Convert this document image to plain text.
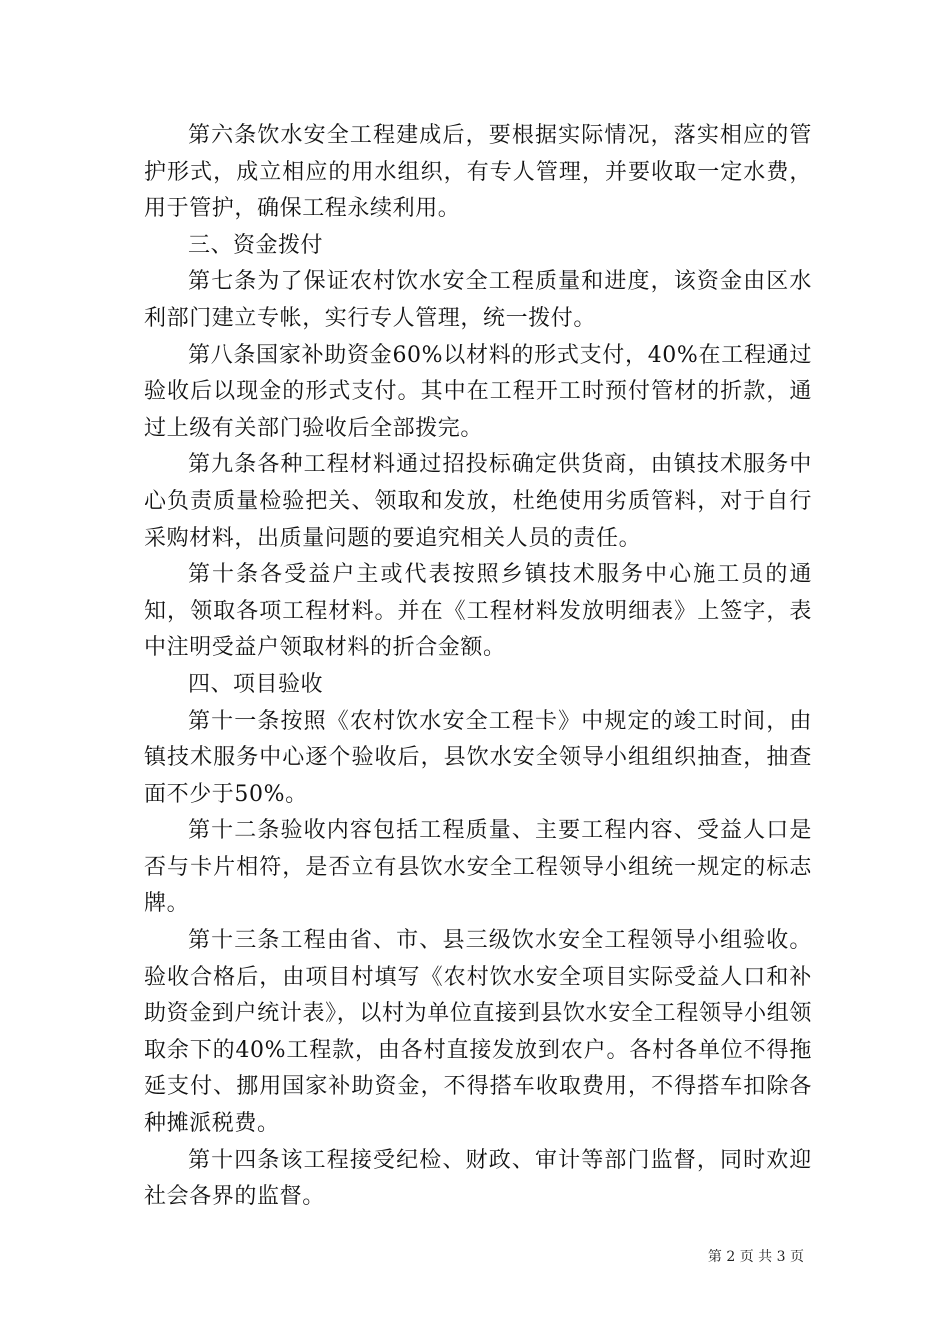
第六条饮水安全工程建成后，要根据实际情况，落实相应的管护形式，成立相应的用水组织，有专人管理，并要收取一定水费，用于管护，确保工程永续利用。

三、资金拨付

第七条为了保证农村饮水安全工程质量和进度，该资金由区水利部门建立专帐，实行专人管理，统一拨付。

第八条国家补助资金60%以材料的形式支付，40%在工程通过验收后以现金的形式支付。其中在工程开工时预付管材的折款，通过上级有关部门验收后全部拨完。

第九条各种工程材料通过招投标确定供货商，由镇技术服务中心负责质量检验把关、领取和发放，杜绝使用劣质管料，对于自行采购材料，出质量问题的要追究相关人员的责任。

第十条各受益户主或代表按照乡镇技术服务中心施工员的通知，领取各项工程材料。并在《工程材料发放明细表》上签字，表中注明受益户领取材料的折合金额。

四、项目验收

第十一条按照《农村饮水安全工程卡》中规定的竣工时间，由镇技术服务中心逐个验收后，县饮水安全领导小组组织抽查，抽查面不少于50%。

第十二条验收内容包括工程质量、主要工程内容、受益人口是否与卡片相符，是否立有县饮水安全工程领导小组统一规定的标志牌。

第十三条工程由省、市、县三级饮水安全工程领导小组验收。验收合格后，由项目村填写《农村饮水安全项目实际受益人口和补助资金到户统计表》，以村为单位直接到县饮水安全工程领导小组领取余下的40%工程款，由各村直接发放到农户。各村各单位不得拖延支付、挪用国家补助资金，不得搭车收取费用，不得搭车扣除各种摊派税费。

第十四条该工程接受纪检、财政、审计等部门监督，同时欢迎社会各界的监督。

第 2 页 共 3 页
